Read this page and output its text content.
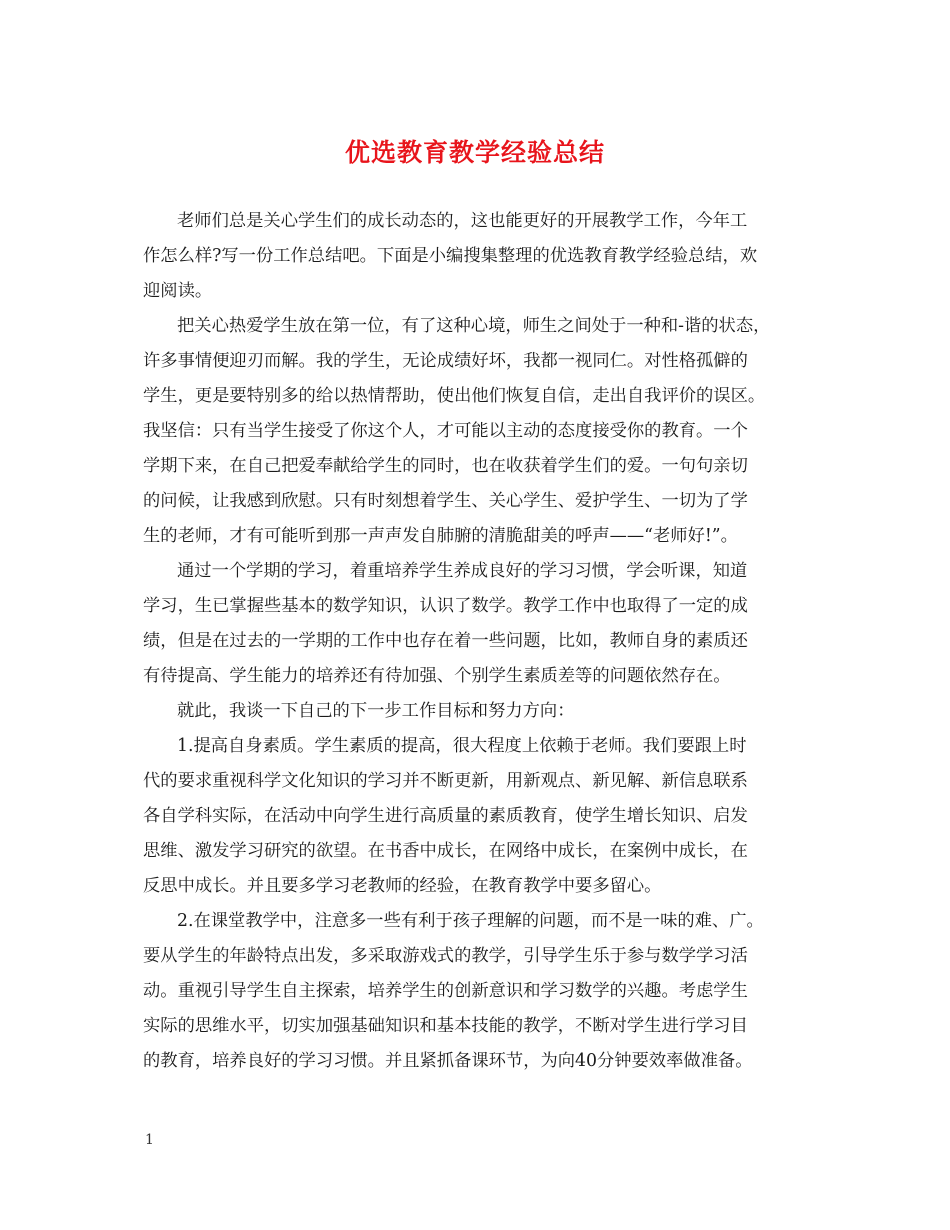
优选教育教学经验总结
老师们总是关心学生们的成长动态的，这也能更好的开展教学工作，今年工
作怎么样?写一份工作总结吧。下面是小编搜集整理的优选教育教学经验总结，欢
迎阅读。
把关心热爱学生放在第一位，有了这种心境，师生之间处于一种和-谐的状态，
许多事情便迎刃而解。我的学生，无论成绩好坏，我都一视同仁。对性格孤僻的
学生，更是要特别多的给以热情帮助，使出他们恢复自信，走出自我评价的误区。
我坚信：只有当学生接受了你这个人，才可能以主动的态度接受你的教育。一个
学期下来，在自己把爱奉献给学生的同时，也在收获着学生们的爱。一句句亲切
的问候，让我感到欣慰。只有时刻想着学生、关心学生、爱护学生、一切为了学
生的老师，才有可能听到那一声声发自肺腑的清脆甜美的呼声——“老师好!”。
通过一个学期的学习，着重培养学生养成良好的学习习惯，学会听课，知道
学习，生已掌握些基本的数学知识，认识了数学。教学工作中也取得了一定的成
绩，但是在过去的一学期的工作中也存在着一些问题，比如，教师自身的素质还
有待提高、学生能力的培养还有待加强、个别学生素质差等的问题依然存在。
就此，我谈一下自己的下一步工作目标和努力方向：
1.提高自身素质。学生素质的提高，很大程度上依赖于老师。我们要跟上时
代的要求重视科学文化知识的学习并不断更新，用新观点、新见解、新信息联系
各自学科实际，在活动中向学生进行高质量的素质教育，使学生增长知识、启发
思维、激发学习研究的欲望。在书香中成长，在网络中成长，在案例中成长，在
反思中成长。并且要多学习老教师的经验，在教育教学中要多留心。
2.在课堂教学中，注意多一些有利于孩子理解的问题，而不是一味的难、广。
要从学生的年龄特点出发，多采取游戏式的教学，引导学生乐于参与数学学习活
动。重视引导学生自主探索，培养学生的创新意识和学习数学的兴趣。考虑学生
实际的思维水平，切实加强基础知识和基本技能的教学，不断对学生进行学习目
的教育，培养良好的学习习惯。并且紧抓备课环节，为向40分钟要效率做准备。
1
